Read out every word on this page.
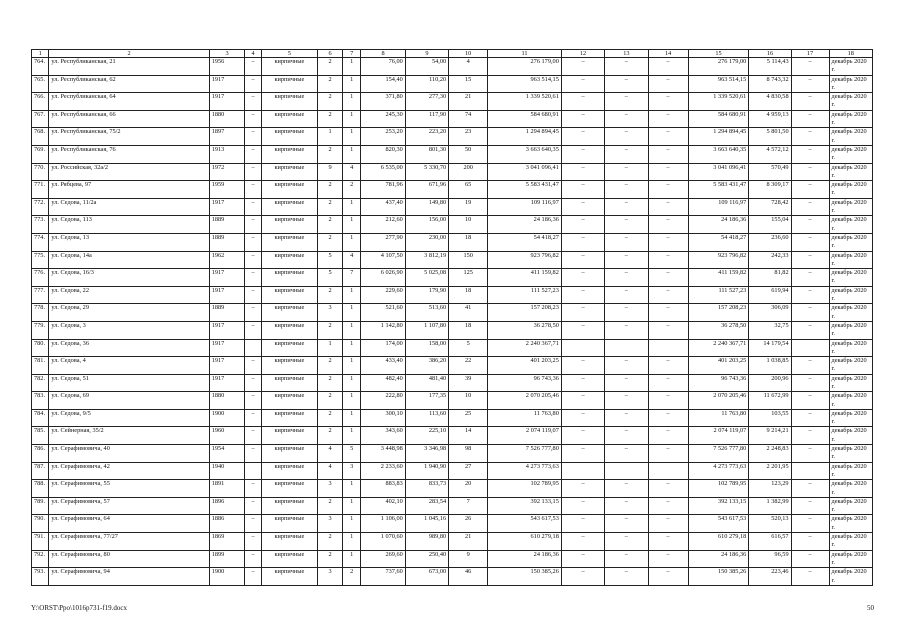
1	2	3	4	5	6	7	8	9	10	11	12	13	14	15	16	17	18
764.	ул. Республиканская, 21	1956	–	кирпичные	2	1	76,00	54,00	4	276 179,00	–	–	–	276 179,00	5 114,43	–	декабрь 2020 г.
765.	ул. Республиканская, 62	1917	–	кирпичные	2	1	154,40	110,20	15	963 514,15	–	–	–	963 514,15	8 743,32	–	декабрь 2020 г.
766.	ул. Республиканская, 64	1917	–	кирпичные	2	1	371,80	277,30	21	1 339 520,61	–	–	–	1 339 520,61	4 830,58	–	декабрь 2020 г.
767.	ул. Республиканская, 66	1880	–	кирпичные	2	1	245,30	117,90	74	584 680,91	–	–	–	584 680,91	4 959,13	–	декабрь 2020 г.
768.	ул. Республиканская, 75/2	1897	–	кирпичные	1	1	253,20	223,20	23	1 294 894,45	–	–	–	1 294 894,45	5 801,50	–	декабрь 2020 г.
769.	ул. Республиканская, 76	1913	–	кирпичные	2	1	820,30	801,30	50	3 663 640,35	–	–	–	3 663 640,35	4 572,12	–	декабрь 2020 г.
770.	ул. Российская, 32а/2	1972	–	кирпичные	9	4	6 535,00	5 330,70	200	3 041 096,41	–	–	–	3 041 096,41	570,49	–	декабрь 2020 г.
771.	ул. Рябцева, 97	1959	–	кирпичные	2	2	781,96	671,96	65	5 583 431,47	–	–	–	5 583 431,47	8 309,17	–	декабрь 2020 г.
772.	ул. Седова, 11/2а	1917	–	кирпичные	2	1	437,40	149,80	19	109 116,97	–	–	–	109 116,97	728,42	–	декабрь 2020 г.
773.	ул. Седова, 113	1889	–	кирпичные	2	1	212,60	156,00	10	24 186,36	–	–	–	24 186,36	155,04	–	декабрь 2020 г.
774.	ул. Седова, 13	1889	–	кирпичные	2	1	277,90	230,00	18	54 418,27	–	–	–	54 418,27	236,60	–	декабрь 2020 г.
775.	ул. Седова, 14а	1962	–	кирпичные	5	4	4 107,50	3 812,19	150	923 796,82	–	–	–	923 796,82	242,33	–	декабрь 2020 г.
776.	ул. Седова, 16/3	1917	–	кирпичные	5	7	6 026,90	5 025,08	125	411 159,82	–	–	–	411 159,82	81,82	–	декабрь 2020 г.
777.	ул. Седова, 22	1917	–	кирпичные	2	1	229,60	179,90	18	111 527,23	–	–	–	111 527,23	619,94	–	декабрь 2020 г.
778.	ул. Седова, 29	1889	–	кирпичные	3	1	521,60	513,60	41	157 208,23	–	–	–	157 208,23	306,09	–	декабрь 2020 г.
779.	ул. Седова, 3	1917	–	кирпичные	2	1	1 142,80	1 107,80	18	36 278,50	–	–	–	36 278,50	32,75	–	декабрь 2020 г.
780.	ул. Седова, 36	1917		кирпичные	1	1	174,00	158,00	5	2 240 367,71				2 240 367,71	14 179,54		декабрь 2020 г.
781.	ул. Седова, 4	1917	–	кирпичные	2	1	433,40	386,20	22	401 203,25	–	–	–	401 203,25	1 038,85	–	декабрь 2020 г.
782.	ул. Седова, 51	1917	–	кирпичные	2	1	482,40	481,40	39	96 743,36	–	–	–	96 743,36	200,96	–	декабрь 2020 г.
783.	ул. Седова, 69	1880	–	кирпичные	2	1	222,80	177,35	10	2 070 205,46	–	–	–	2 070 205,46	11 672,99	–	декабрь 2020 г.
784.	ул. Седова, 9/5	1900	–	кирпичные	2	1	300,10	113,60	25	11 763,80	–	–	–	11 763,80	103,55	–	декабрь 2020 г.
785.	ул. Сейнерная, 35/2	1960	–	кирпичные	2	1	343,60	225,10	14	2 074 119,07	–	–	–	2 074 119,07	9 214,21	–	декабрь 2020 г.
786.	ул. Серафимовича, 40	1954	–	кирпичные	4	5	3 448,98	3 346,98	98	7 526 777,80	–	–	–	7 526 777,80	2 248,83	–	декабрь 2020 г.
787.	ул. Серафимовича, 42	1940		кирпичные	4	3	2 233,60	1 940,90	27	4 273 773,63				4 273 773,63	2 201,95		декабрь 2020 г.
788.	ул. Серафимовича, 55	1891	–	кирпичные	3	1	883,83	833,73	20	102 789,95	–	–	–	102 789,95	123,29	–	декабрь 2020 г.
789.	ул. Серафимовича, 57	1896	–	кирпичные	2	1	402,10	283,54	7	392 133,15	–	–	–	392 133,15	1 382,99	–	декабрь 2020 г.
790.	ул. Серафимовича, 64	1886	–	кирпичные	3	1	1 106,00	1 045,16	26	543 617,53	–	–	–	543 617,53	520,13	–	декабрь 2020 г.
791.	ул. Серафимовича, 77/27	1869	–	кирпичные	2	1	1 070,60	989,80	21	610 279,18	–	–	–	610 279,18	616,57	–	декабрь 2020 г.
792.	ул. Серафимовича, 80	1899	–	кирпичные	2	1	269,60	250,40	9	24 186,36	–	–	–	24 186,36	96,59	–	декабрь 2020 г.
793.	ул. Серафимовича, 94	1900	–	кирпичные	3	2	737,60	673,00	46	150 385,26	–	–	–	150 385,26	223,46	–	декабрь 2020 г.
Y:\ORST\Ppo\1016p731-f19.docx	50
